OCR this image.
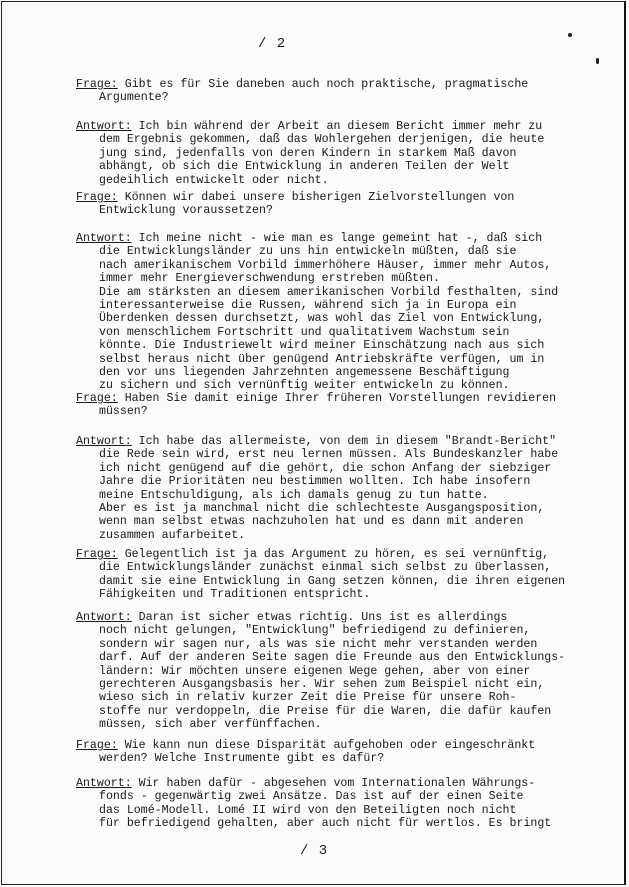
/ 2
Frage: Gibt es für Sie daneben auch noch praktische, pragmatische
Argumente?
Antwort: Ich bin während der Arbeit an diesem Bericht immer mehr zu
dem Ergebnis gekommen, daß das Wohlergehen derjenigen, die heute
jung sind, jedenfalls von deren Kindern in starkem Maß davon
abhängt, ob sich die Entwicklung in anderen Teilen der Welt
gedeihlich entwickelt oder nicht.
Frage: Können wir dabei unsere bisherigen Zielvorstellungen von
Entwicklung voraussetzen?
Antwort: Ich meine nicht - wie man es lange gemeint hat -, daß sich
die Entwicklungsländer zu uns hin entwickeln müßten, daß sie
nach amerikanischem Vorbild immerhöhere Häuser, immer mehr Autos,
immer mehr Energieverschwendung erstreben müßten.
Die am stärksten an diesem amerikanischen Vorbild festhalten, sind
interessanterweise die Russen, während sich ja in Europa ein
Überdenken dessen durchsetzt, was wohl das Ziel von Entwicklung,
von menschlichem Fortschritt und qualitativem Wachstum sein
könnte. Die Industriewelt wird meiner Einschätzung nach aus sich
selbst heraus nicht über genügend Antriebskräfte verfügen, um in
den vor uns liegenden Jahrzehnten angemessene Beschäftigung
zu sichern und sich vernünftig weiter entwickeln zu können.
Frage: Haben Sie damit einige Ihrer früheren Vorstellungen revidieren
müssen?
Antwort: Ich habe das allermeiste, von dem in diesem "Brandt-Bericht"
die Rede sein wird, erst neu lernen müssen. Als Bundeskanzler habe
ich nicht genügend auf die gehört, die schon Anfang der siebziger
Jahre die Prioritäten neu bestimmen wollten. Ich habe insofern
meine Entschuldigung, als ich damals genug zu tun hatte.
Aber es ist ja manchmal nicht die schlechteste Ausgangsposition,
wenn man selbst etwas nachzuholen hat und es dann mit anderen
zusammen aufarbeitet.
Frage: Gelegentlich ist ja das Argument zu hören, es sei vernünftig,
die Entwicklungsländer zunächst einmal sich selbst zu überlassen,
damit sie eine Entwicklung in Gang setzen können, die ihren eigenen
Fähigkeiten und Traditionen entspricht.
Antwort: Daran ist sicher etwas richtig. Uns ist es allerdings
noch nicht gelungen, "Entwicklung" befriedigend zu definieren,
sondern wir sagen nur, als was sie nicht mehr verstanden werden
darf. Auf der anderen Seite sagen die Freunde aus den Entwicklungs-
ländern: Wir möchten unsere eigenen Wege gehen, aber von einer
gerechteren Ausgangsbasis her. Wir sehen zum Beispiel nicht ein,
wieso sich in relativ kurzer Zeit die Preise für unsere Roh-
stoffe nur verdoppeln, die Preise für die Waren, die dafür kaufen
müssen, sich aber verfünffachen.
Frage: Wie kann nun diese Disparität aufgehoben oder eingeschränkt
werden? Welche Instrumente gibt es dafür?
Antwort: Wir haben dafür - abgesehen vom Internationalen Währungs-
fonds - gegenwärtig zwei Ansätze. Das ist auf der einen Seite
das Lomé-Modell. Lomé II wird von den Beteiligten noch nicht
für befriedigend gehalten, aber auch nicht für wertlos. Es bringt
/ 3
